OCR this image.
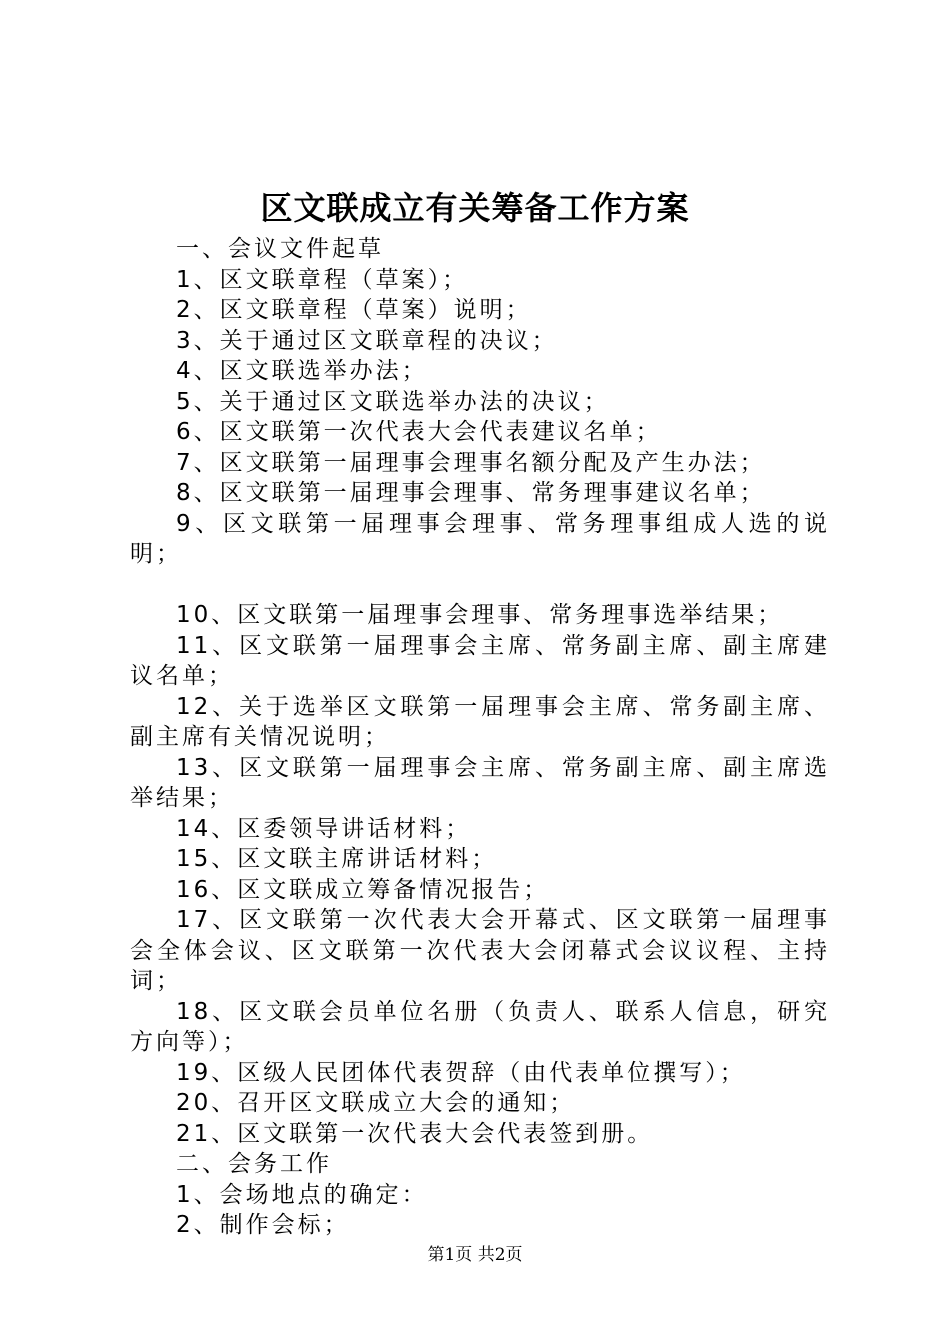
区文联成立有关筹备工作方案

一、会议文件起草

1、区文联章程（草案）；

2、区文联章程（草案）说明；

3、关于通过区文联章程的决议；

4、区文联选举办法；

5、关于通过区文联选举办法的决议；

6、区文联第一次代表大会代表建议名单；

7、区文联第一届理事会理事名额分配及产生办法；

8、区文联第一届理事会理事、常务理事建议名单；

9、区文联第一届理事会理事、常务理事组成人选的说明；

10、区文联第一届理事会理事、常务理事选举结果；

11、区文联第一届理事会主席、常务副主席、副主席建议名单；

12、关于选举区文联第一届理事会主席、常务副主席、副主席有关情况说明；

13、区文联第一届理事会主席、常务副主席、副主席选举结果；

14、区委领导讲话材料；

15、区文联主席讲话材料；

16、区文联成立筹备情况报告；

17、区文联第一次代表大会开幕式、区文联第一届理事会全体会议、区文联第一次代表大会闭幕式会议议程、主持词；

18、区文联会员单位名册（负责人、联系人信息，研究方向等）；

19、区级人民团体代表贺辞（由代表单位撰写）；

20、召开区文联成立大会的通知；

21、区文联第一次代表大会代表签到册。

二、会务工作

1、会场地点的确定：

2、制作会标；

第1页 共2页
